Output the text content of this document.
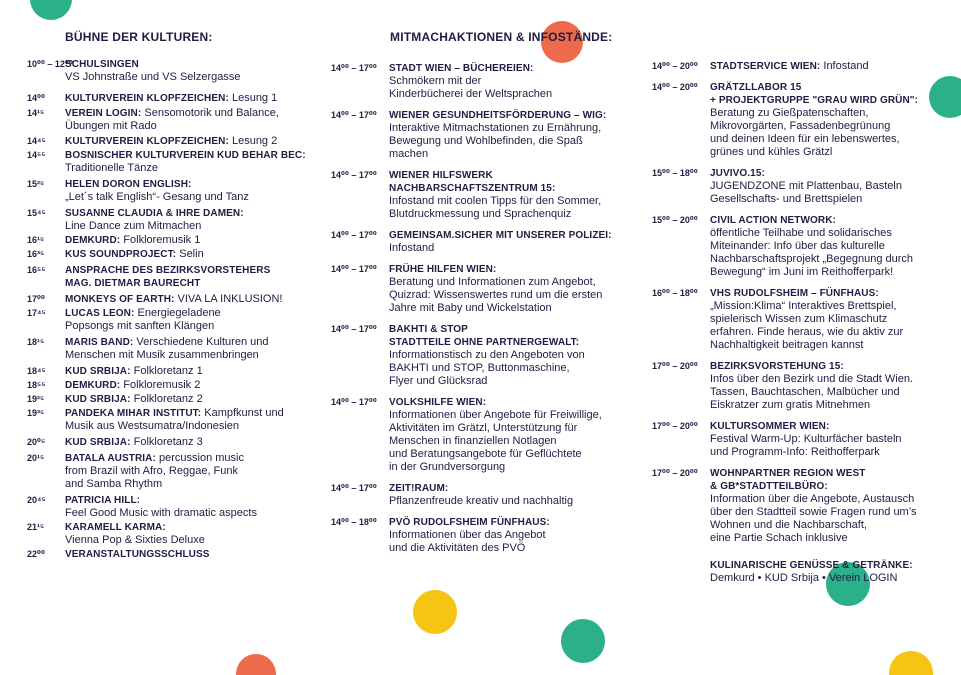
BÜHNE DER KULTUREN:
10⁰⁰ – 12⁰⁰
SCHULSINGEN
VS Johnstraße und VS Selzergasse
14⁰⁰ KULTURVEREIN KLOPFZEICHEN: Lesung 1
14¹⁵ VEREIN LOGIN: Sensomotorik und Balance,
Übungen mit Rado
14⁴⁵ KULTURVEREIN KLOPFZEICHEN: Lesung 2
14⁵⁵ BOSNISCHER KULTURVEREIN KUD BEHAR BEC:
Traditionelle Tänze
15²⁵ HELEN DORON ENGLISH:
„Let´s talk English“- Gesang und Tanz
15⁴⁵ SUSANNE CLAUDIA & IHRE DAMEN:
Line Dance zum Mitmachen
16¹⁵ DEMKURD: Folkloremusik 1
16³⁵ KUS SOUNDPROJECT: Selin
16⁵⁵ ANSPRACHE DES BEZIRKSVORSTEHERS
MAG. DIETMAR BAURECHT
17⁰⁰ MONKEYS OF EARTH: VIVA LA INKLUSION!
17⁴⁵ LUCAS LEON: Energiegeladene
Popsongs mit sanften Klängen
18¹⁵ MARIS BAND: Verschiedene Kulturen und
Menschen mit Musik zusammenbringen
18⁴⁵ KUD SRBIJA: Folkloretanz 1
18⁵⁵ DEMKURD: Folkloremusik 2
19²⁵ KUD SRBIJA: Folkloretanz 2
19³⁵ PANDEKA MIHAR INSTITUT: Kampfkunst und
Musik aus Westsumatra/Indonesien
20⁰⁵ KUD SRBIJA: Folkloretanz 3
20¹⁵ BATALA AUSTRIA: percussion music
from Brazil with Afro, Reggae, Funk
and Samba Rhythm
20⁴⁵ PATRICIA HILL:
Feel Good Music with dramatic aspects
21¹⁵ KARAMELL KARMA:
Vienna Pop & Sixties Deluxe
22⁰⁰ VERANSTALTUNGSSCHLUSS
MITMACHAKTIONEN & INFOSTÄNDE:
14⁰⁰ – 17⁰⁰ STADT WIEN – BÜCHEREIEN:
Schmökern mit der
Kinderbücherei der Weltsprachen
14⁰⁰ – 17⁰⁰ WIENER GESUNDHEITSFÖRDERUNG – WIG:
Interaktive Mitmachstationen zu Ernährung,
Bewegung und Wohlbefinden, die Spaß
machen
14⁰⁰ – 17⁰⁰ WIENER HILFSWERK
NACHBARSCHAFTSZENTRUM 15:
Infostand mit coolen Tipps für den Sommer,
Blutdruckmessung und Sprachenquiz
14⁰⁰ – 17⁰⁰ GEMEINSAM.SICHER MIT UNSERER POLIZEI:
Infostand
14⁰⁰ – 17⁰⁰ FRÜHE HILFEN WIEN:
Beratung und Informationen zum Angebot,
Quizrad: Wissenswertes rund um die ersten
Jahre mit Baby und Wickelstation
14⁰⁰ – 17⁰⁰ BAKHTI & STOP
STADTTEILE OHNE PARTNERGEWALT:
Informationstisch zu den Angeboten von
BAKHTI und STOP, Buttonmaschine,
Flyer und Glücksrad
14⁰⁰ – 17⁰⁰ VOLKSHILFE WIEN:
Informationen über Angebote für Freiwillige,
Aktivitäten im Grätzl, Unterstützung für
Menschen in finanziellen Notlagen
und Beratungsangebote für Geflüchtete
in der Grundversorgung
14⁰⁰ – 17⁰⁰ ZEIT!RAUM:
Pflanzenfreude kreativ und nachhaltig
14⁰⁰ – 18⁰⁰ PVÖ RUDOLFSHEIM FÜNFHAUS:
Informationen über das Angebot
und die Aktivitäten des PVÖ
14⁰⁰ – 20⁰⁰ STADTSERVICE WIEN: Infostand
14⁰⁰ – 20⁰⁰ GRÄTZLLABOR 15
+ PROJEKTGRUPPE "GRAU WIRD GRÜN":
Beratung zu Gießpatenschaften,
Mikrovorgärten, Fassadenbegrünung
und deinen Ideen für ein lebenswertes,
grünes und kühles Grätzl
15⁰⁰ – 18⁰⁰ JUVIVO.15:
JUGENDZONE mit Plattenbau, Basteln
Gesellschafts- und Brettspielen
15⁰⁰ – 20⁰⁰ CIVIL ACTION NETWORK:
öffentliche Teilhabe und solidarisches
Miteinander: Info über das kulturelle
Nachbarschaftsprojekt „Begegnung durch
Bewegung“ im Juni im Reithofferpark!
16⁰⁰ – 18⁰⁰ VHS RUDOLFSHEIM – FÜNFHAUS:
„Mission:Klima“ Interaktives Brettspiel,
spielerisch Wissen zum Klimaschutz
erfahren. Finde heraus, wie du aktiv zur
Nachhaltigkeit beitragen kannst
17⁰⁰ – 20⁰⁰ BEZIRKSVORSTEHUNG 15:
Infos über den Bezirk und die Stadt Wien.
Tassen, Bauchtaschen, Malbücher und
Eiskratzer zum gratis Mitnehmen
17⁰⁰ – 20⁰⁰ KULTURSOMMER WIEN:
Festival Warm-Up: Kulturfächer basteln
und Programm-Info: Reithofferpark
17⁰⁰ – 20⁰⁰ WOHNPARTNER REGION WEST
& GB*STADTTEILBÜRO:
Information über die Angebote, Austausch
über den Stadtteil sowie Fragen rund um’s
Wohnen und die Nachbarschaft,
eine Partie Schach inklusive
KULINARISCHE GENÜSSE & GETRÄNKE:
Demkurd • KUD Srbija • Verein LOGIN
